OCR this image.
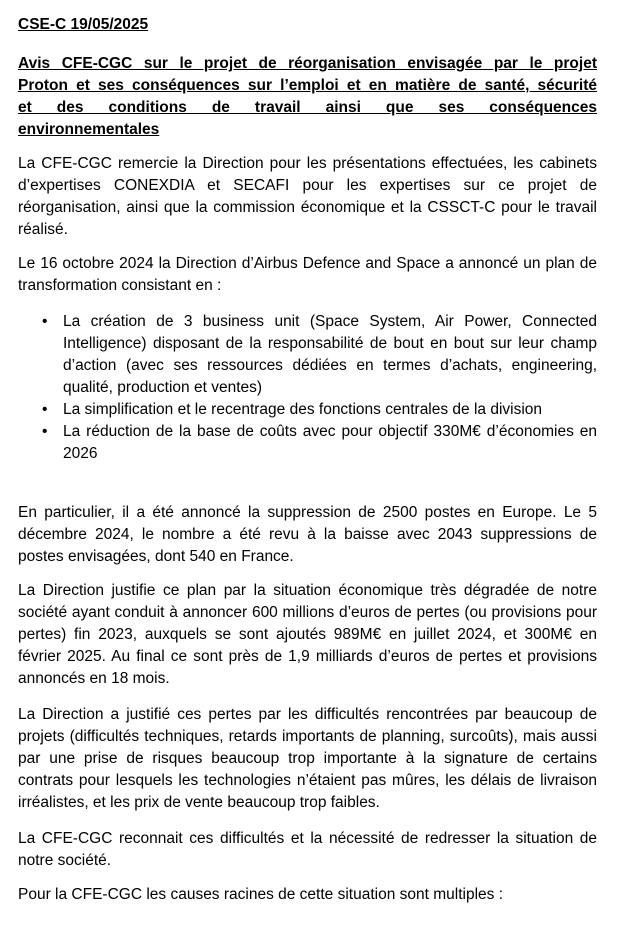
CSE-C 19/05/2025
Avis CFE-CGC sur le projet de réorganisation envisagée par le projet
Proton et ses conséquences sur l’emploi et en matière de santé, sécurité
et des conditions de travail ainsi que ses conséquences
environnementales

La CFE-CGC remercie la Direction pour les présentations effectuées, les cabinets d’expertises CONEXDIA et SECAFI pour les expertises sur ce projet de réorganisation, ainsi que la commission économique et la CSSCT-C pour le travail réalisé.

Le 16 octobre 2024 la Direction d’Airbus Defence and Space a annoncé un plan de transformation consistant en :

• La création de 3 business unit (Space System, Air Power, Connected Intelligence) disposant de la responsabilité de bout en bout sur leur champ d’action (avec ses ressources dédiées en termes d’achats, engineering, qualité, production et ventes)
• La simplification et le recentrage des fonctions centrales de la division
• La réduction de la base de coûts avec pour objectif 330M€ d’économies en 2026

En particulier, il a été annoncé la suppression de 2500 postes en Europe. Le 5 décembre 2024, le nombre a été revu à la baisse avec 2043 suppressions de postes envisagées, dont 540 en France.

La Direction justifie ce plan par la situation économique très dégradée de notre société ayant conduit à annoncer 600 millions d’euros de pertes (ou provisions pour pertes) fin 2023, auxquels se sont ajoutés 989M€ en juillet 2024, et 300M€ en février 2025. Au final ce sont près de 1,9 milliards d’euros de pertes et provisions annoncés en 18 mois.

La Direction a justifié ces pertes par les difficultés rencontrées par beaucoup de projets (difficultés techniques, retards importants de planning, surcoûts), mais aussi par une prise de risques beaucoup trop importante à la signature de certains contrats pour lesquels les technologies n’étaient pas mûres, les délais de livraison irréalistes, et les prix de vente beaucoup trop faibles.

La CFE-CGC reconnait ces difficultés et la nécessité de redresser la situation de notre société.

Pour la CFE-CGC les causes racines de cette situation sont multiples :
